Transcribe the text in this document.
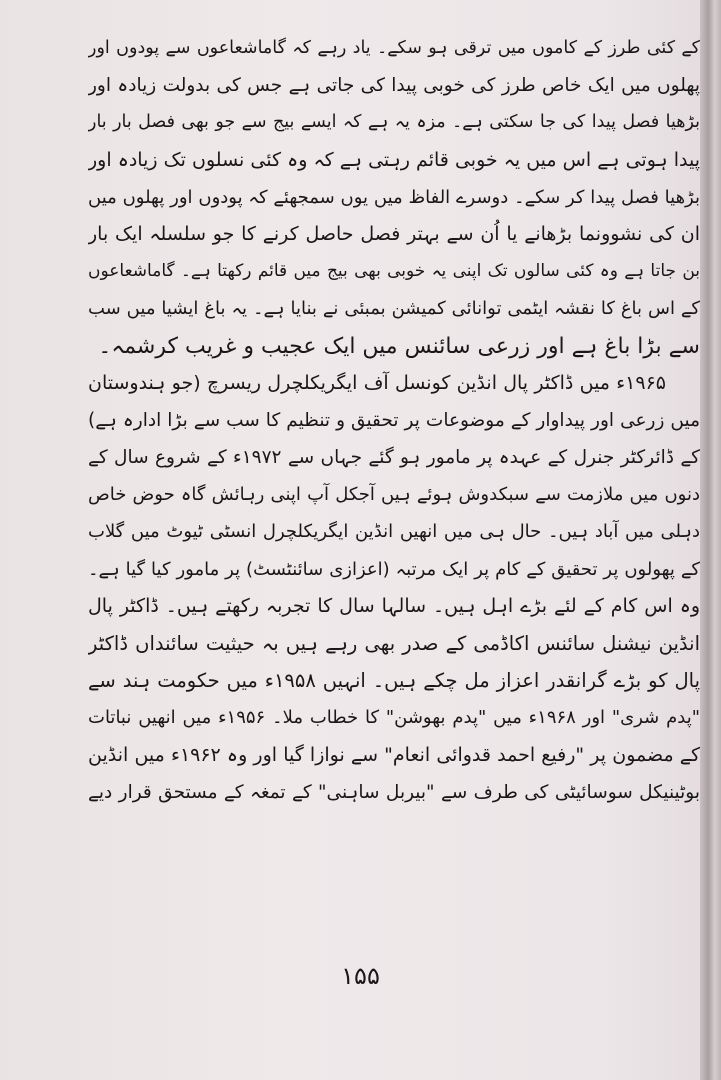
کے کئی طرز کے کاموں میں ترقی ہو سکے۔ یاد رہے کہ گاماشعاعوں سے پودوں اور
پھلوں میں ایک خاص طرز کی خوبی پیدا کی جاتی ہے جس کی بدولت زیادہ اور
بڑھیا فصل پیدا کی جا سکتی ہے۔ مزہ یہ ہے کہ ایسے بیج سے جو بھی فصل بار بار
پیدا ہوتی ہے اس میں یہ خوبی قائم رہتی ہے کہ وہ کئی نسلوں تک زیادہ اور
بڑھیا فصل پیدا کر سکے۔ دوسرے الفاظ میں یوں سمجھئے کہ پودوں اور پھلوں میں
ان کی نشوونما بڑھانے یا اُن سے بہتر فصل حاصل کرنے کا جو سلسلہ ایک بار
بن جاتا ہے وہ کئی سالوں تک اپنی یہ خوبی بھی بیج میں قائم رکھتا ہے۔ گاماشعاعوں
کے اس باغ کا نقشہ ایٹمی توانائی کمیشن بمبئی نے بنایا ہے۔ یہ باغ ایشیا میں سب
سے بڑا باغ ہے اور زرعی سائنس میں ایک عجیب و غریب کرشمہ۔
۱۹۶۵ء میں ڈاکٹر پال انڈین کونسل آف ایگریکلچرل ریسرچ (جو ہندوستان
میں زرعی اور پیداوار کے موضوعات پر تحقیق و تنظیم کا سب سے بڑا ادارہ ہے)
کے ڈائرکٹر جنرل کے عہدہ پر مامور ہو گئے جہاں سے ۱۹۷۲ء کے شروع سال کے
دنوں میں ملازمت سے سبکدوش ہوئے ہیں آجکل آپ اپنی رہائش گاہ حوض خاص
دہلی میں آباد ہیں۔ حال ہی میں انھیں انڈین ایگریکلچرل انسٹی ٹیوٹ میں گلاب
کے پھولوں پر تحقیق کے کام پر ایک مرتبہ (اعزازی سائنٹسٹ) پر مامور کیا گیا ہے۔
وہ اس کام کے لئے بڑے اہل ہیں۔ سالہا سال کا تجربہ رکھتے ہیں۔ ڈاکٹر پال
انڈین نیشنل سائنس اکاڈمی کے صدر بھی رہے ہیں بہ حیثیت سائنداں ڈاکٹر
پال کو بڑے گرانقدر اعزاز مل چکے ہیں۔ انہیں ۱۹۵۸ء میں حکومت ہند سے
"پدم شری" اور ۱۹۶۸ء میں "پدم بھوشن" کا خطاب ملا۔ ۱۹۵۶ء میں انھیں نباتات
کے مضمون پر "رفیع احمد قدوائی انعام" سے نوازا گیا اور وہ ۱۹۶۲ء میں انڈین
بوٹینیکل سوسائیٹی کی طرف سے "بیربل ساہنی" کے تمغہ کے مستحق قرار دیے
۱۵۵
